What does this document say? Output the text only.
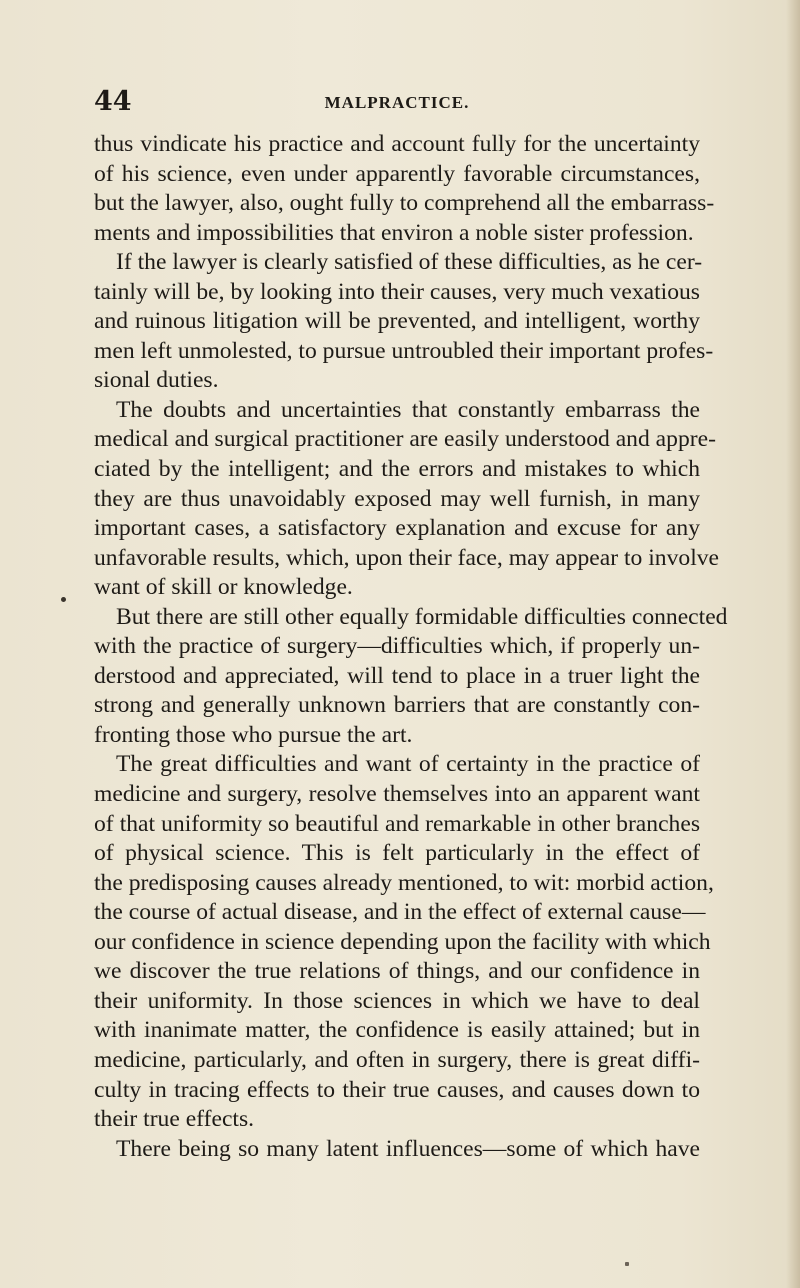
44	MALPRACTICE.
thus vindicate his practice and account fully for the uncertainty
of his science, even under apparently favorable circumstances,
but the lawyer, also, ought fully to comprehend all the embarrass-
ments and impossibilities that environ a noble sister profession.
If the lawyer is clearly satisfied of these difficulties, as he cer-
tainly will be, by looking into their causes, very much vexatious
and ruinous litigation will be prevented, and intelligent, worthy
men left unmolested, to pursue untroubled their important profes-
sional duties.
The doubts and uncertainties that constantly embarrass the
medical and surgical practitioner are easily understood and appre-
ciated by the intelligent; and the errors and mistakes to which
they are thus unavoidably exposed may well furnish, in many
important cases, a satisfactory explanation and excuse for any
unfavorable results, which, upon their face, may appear to involve
want of skill or knowledge.
But there are still other equally formidable difficulties connected
with the practice of surgery—difficulties which, if properly un-
derstood and appreciated, will tend to place in a truer light the
strong and generally unknown barriers that are constantly con-
fronting those who pursue the art.
The great difficulties and want of certainty in the practice of
medicine and surgery, resolve themselves into an apparent want
of that uniformity so beautiful and remarkable in other branches
of physical science. This is felt particularly in the effect of
the predisposing causes already mentioned, to wit: morbid action,
the course of actual disease, and in the effect of external cause—
our confidence in science depending upon the facility with which
we discover the true relations of things, and our confidence in
their uniformity. In those sciences in which we have to deal
with inanimate matter, the confidence is easily attained; but in
medicine, particularly, and often in surgery, there is great diffi-
culty in tracing effects to their true causes, and causes down to
their true effects.
There being so many latent influences—some of which have
